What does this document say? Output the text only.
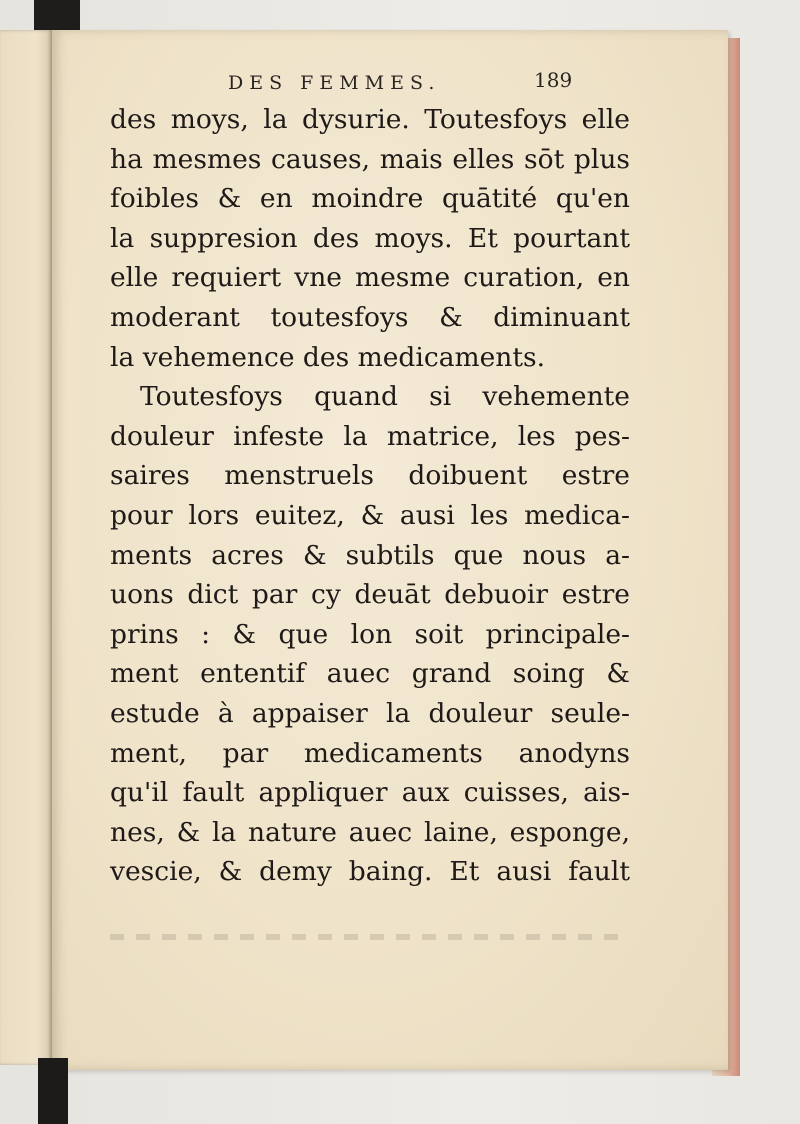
DES FEMMES.	189
des moys, la dysurie. Toutesfoys elle
ha mesmes causes, mais elles sōt plus
foibles & en moindre quātité qu'en
la suppresion des moys. Et pourtant
elle requiert vne mesme curation, en
moderant toutesfoys & diminuant
la vehemence des medicaments.
Toutesfoys quand si vehemente
douleur infeste la matrice, les pes-
saires menstruels doibuent estre
pour lors euitez, & ausi les medica-
ments acres & subtils que nous a-
uons dict par cy deuāt debuoir estre
prins : & que lon soit principale-
ment ententif auec grand soing &
estude à appaiser la douleur seule-
ment, par medicaments anodyns
qu'il fault appliquer aux cuisses, ais-
nes, & la nature auec laine, esponge,
vescie, & demy baing. Et ausi fault
